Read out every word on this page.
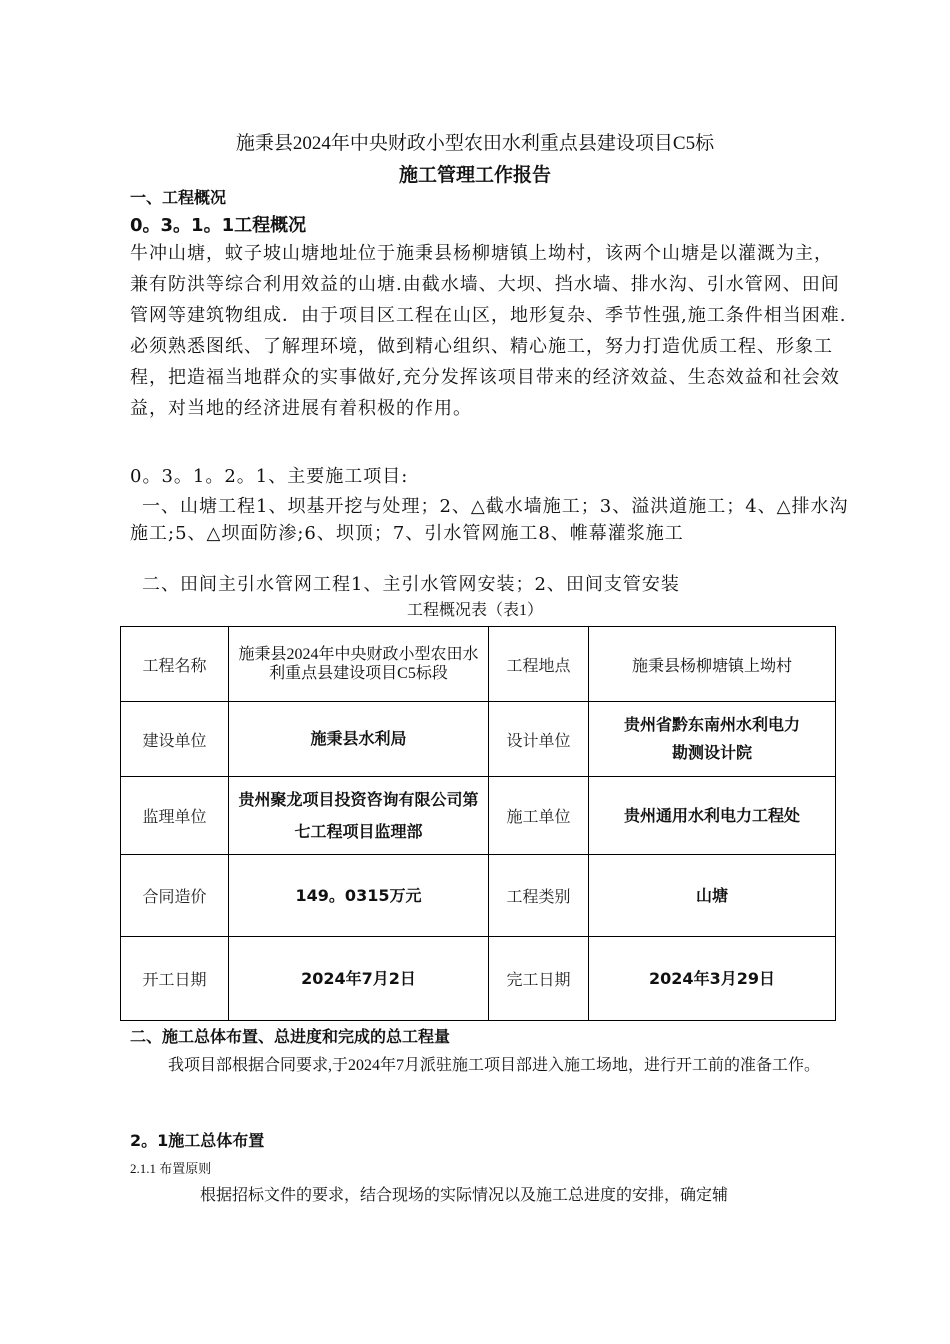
施秉县2024年中央财政小型农田水利重点县建设项目C5标
施工管理工作报告
一、工程概况
0。3。1。1工程概况
牛冲山塘，蚊子坡山塘地址位于施秉县杨柳塘镇上坳村，该两个山塘是以灌溉为主，兼有防洪等综合利用效益的山塘.由截水墙、大坝、挡水墙、排水沟、引水管网、田间管网等建筑物组成．由于项目区工程在山区，地形复杂、季节性强,施工条件相当困难.必须熟悉图纸、了解理环境，做到精心组织、精心施工，努力打造优质工程、形象工程，把造福当地群众的实事做好,充分发挥该项目带来的经济效益、生态效益和社会效益，对当地的经济进展有着积极的作用。
0。3。1。2。1、主要施工项目:
一、山塘工程1、坝基开挖与处理；2、△截水墙施工；3、溢洪道施工；4、△排水沟施工;5、△坝面防渗;6、坝顶；7、引水管网施工8、帷幕灌浆施工
二、田间主引水管网工程1、主引水管网安装；2、田间支管安装
工程概况表（表1）
工程名称	施秉县2024年中央财政小型农田水利重点县建设项目C5标段	工程地点	施秉县杨柳塘镇上坳村
建设单位	施秉县水利局	设计单位	贵州省黔东南州水利电力勘测设计院
监理单位	贵州聚龙项目投资咨询有限公司第七工程项目监理部	施工单位	贵州通用水利电力工程处
合同造价	149。0315万元	工程类别	山塘
开工日期	2024年7月2日	完工日期	2024年3月29日
二、施工总体布置、总进度和完成的总工程量
我项目部根据合同要求,于2024年7月派驻施工项目部进入施工场地，进行开工前的准备工作。
2。1施工总体布置
2.1.1 布置原则
根据招标文件的要求，结合现场的实际情况以及施工总进度的安排，确定辅
